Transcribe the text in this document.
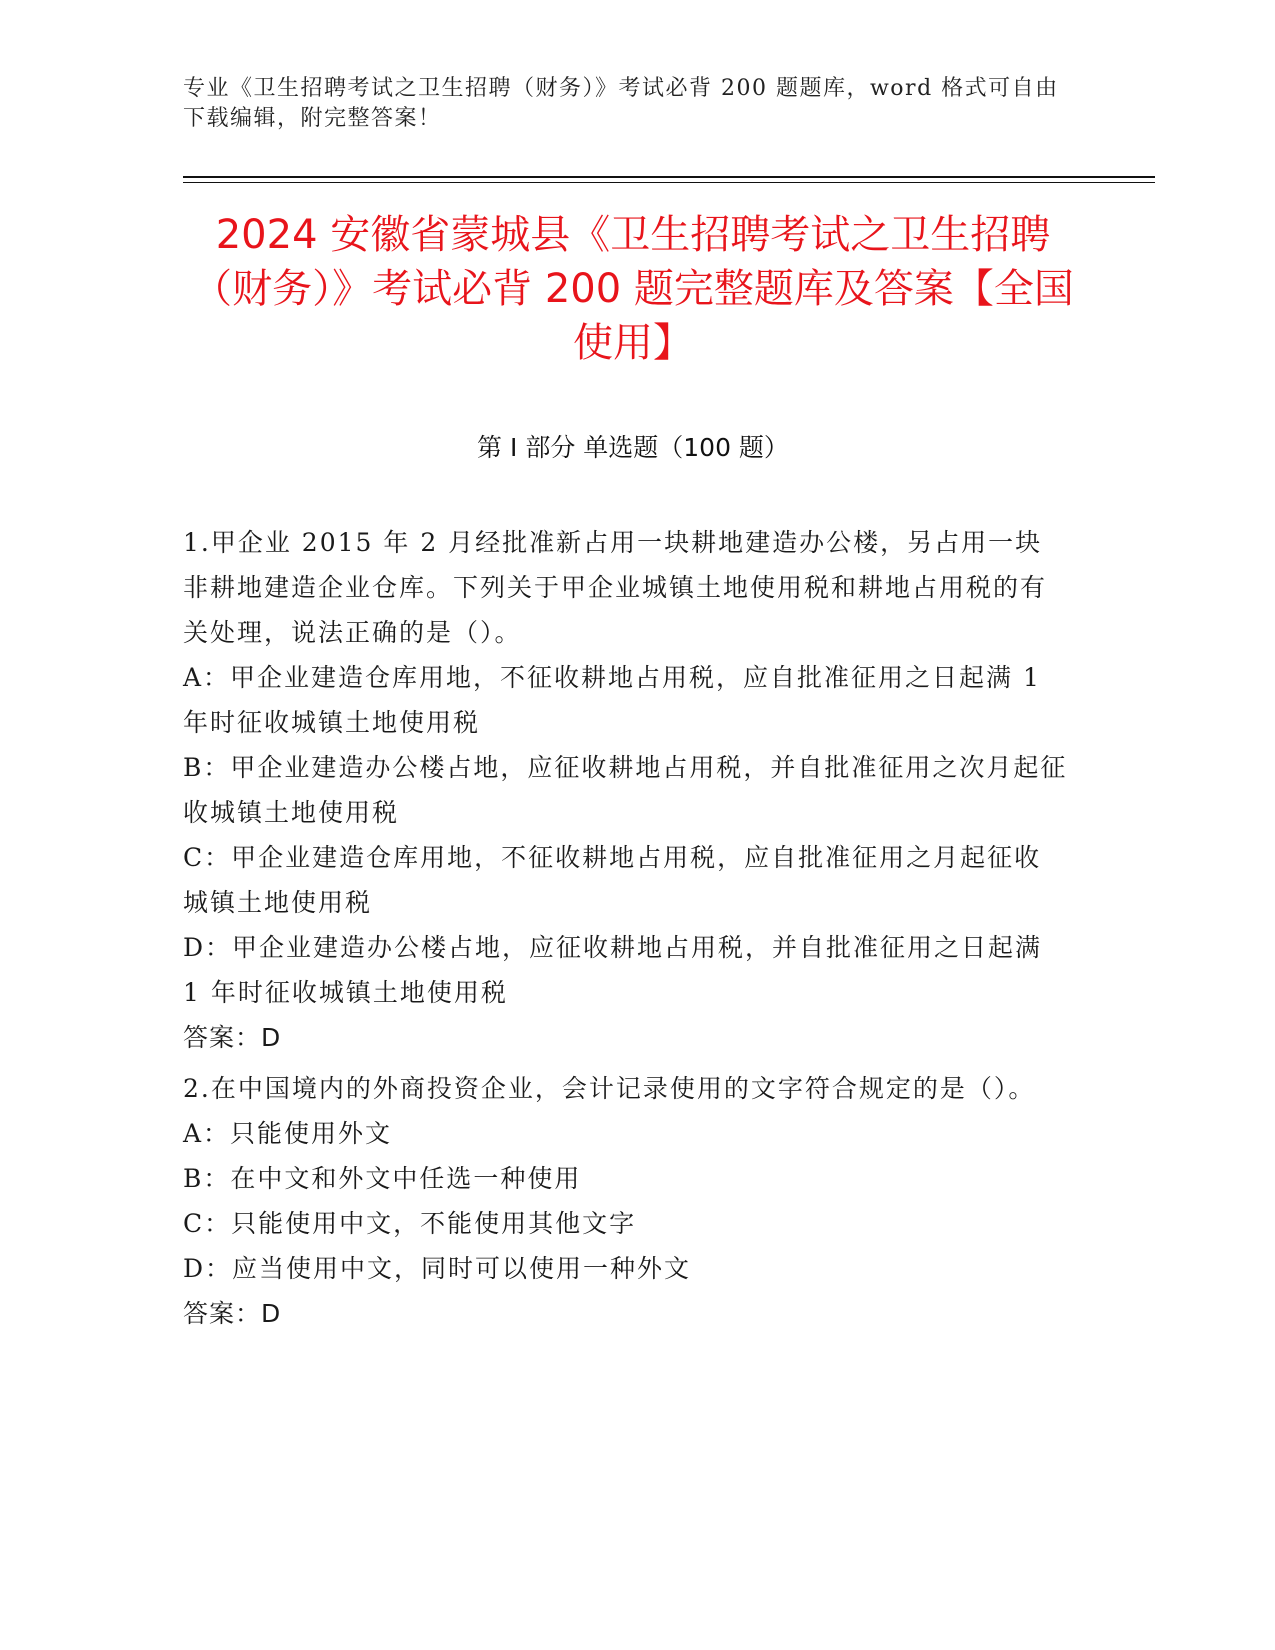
专业《卫生招聘考试之卫生招聘（财务）》考试必背 200 题题库，word 格式可自由下载编辑，附完整答案！
2024 安徽省蒙城县《卫生招聘考试之卫生招聘（财务）》考试必背 200 题完整题库及答案【全国使用】
第 I 部分 单选题（100 题）

1.甲企业 2015 年 2 月经批准新占用一块耕地建造办公楼，另占用一块非耕地建造企业仓库。下列关于甲企业城镇土地使用税和耕地占用税的有关处理，说法正确的是（）。

A：甲企业建造仓库用地，不征收耕地占用税，应自批准征用之日起满 1 年时征收城镇土地使用税

B：甲企业建造办公楼占地，应征收耕地占用税，并自批准征用之次月起征收城镇土地使用税

C：甲企业建造仓库用地，不征收耕地占用税，应自批准征用之月起征收城镇土地使用税

D：甲企业建造办公楼占地，应征收耕地占用税，并自批准征用之日起满 1 年时征收城镇土地使用税

答案：D

2.在中国境内的外商投资企业，会计记录使用的文字符合规定的是（）。

A：只能使用外文

B：在中文和外文中任选一种使用

C：只能使用中文，不能使用其他文字

D：应当使用中文，同时可以使用一种外文

答案：D
